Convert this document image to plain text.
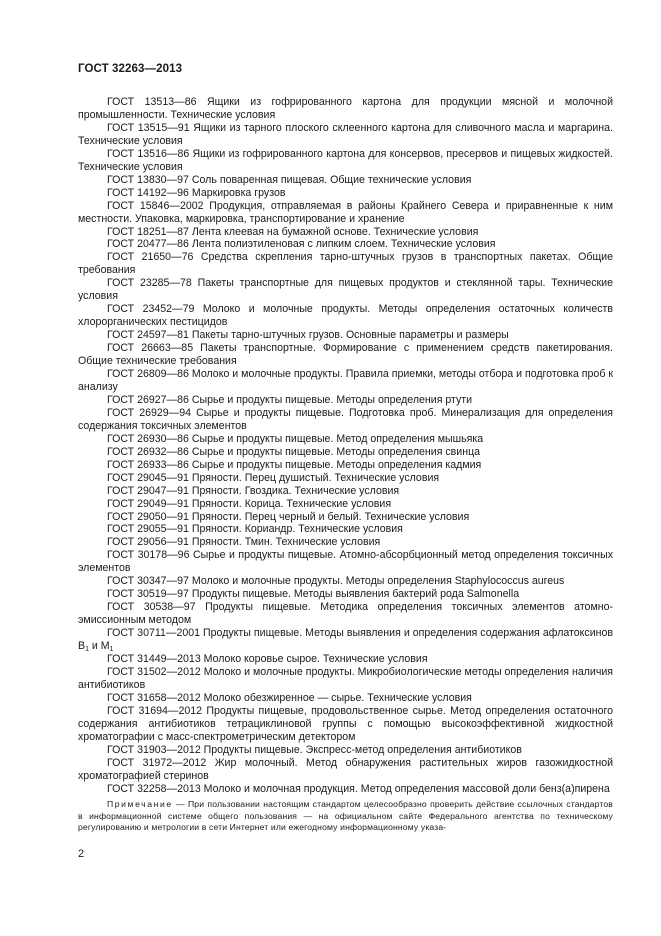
ГОСТ 32263—2013

ГОСТ 13513—86 Ящики из гофрированного картона для продукции мясной и молочной промышленности. Технические условия

ГОСТ 13515—91 Ящики из тарного плоского склеенного картона для сливочного масла и маргарина. Технические условия

ГОСТ 13516—86 Ящики из гофрированного картона для консервов, пресервов и пищевых жидкостей. Технические условия

ГОСТ 13830—97 Соль поваренная пищевая. Общие технические условия

ГОСТ 14192—96 Маркировка грузов

ГОСТ 15846—2002 Продукция, отправляемая в районы Крайнего Севера и приравненные к ним местности. Упаковка, маркировка, транспортирование и хранение

ГОСТ 18251—87 Лента клеевая на бумажной основе. Технические условия

ГОСТ 20477—86 Лента полиэтиленовая с липким слоем. Технические условия

ГОСТ 21650—76 Средства скрепления тарно-штучных грузов в транспортных пакетах. Общие требования

ГОСТ 23285—78 Пакеты транспортные для пищевых продуктов и стеклянной тары. Технические условия

ГОСТ 23452—79 Молоко и молочные продукты. Методы определения остаточных количеств хлорорганических пестицидов

ГОСТ 24597—81 Пакеты тарно-штучных грузов. Основные параметры и размеры

ГОСТ 26663—85 Пакеты транспортные. Формирование с применением средств пакетирования. Общие технические требования

ГОСТ 26809—86 Молоко и молочные продукты. Правила приемки, методы отбора и подготовка проб к анализу

ГОСТ 26927—86 Сырье и продукты пищевые. Методы определения ртути

ГОСТ 26929—94 Сырье и продукты пищевые. Подготовка проб. Минерализация для определения содержания токсичных элементов

ГОСТ 26930—86 Сырье и продукты пищевые. Метод определения мышьяка

ГОСТ 26932—86 Сырье и продукты пищевые. Методы определения свинца

ГОСТ 26933—86 Сырье и продукты пищевые. Методы определения кадмия

ГОСТ 29045—91 Пряности. Перец душистый. Технические условия

ГОСТ 29047—91 Пряности. Гвоздика. Технические условия

ГОСТ 29049—91 Пряности. Корица. Технические условия

ГОСТ 29050—91 Пряности. Перец черный и белый. Технические условия

ГОСТ 29055—91 Пряности. Кориандр. Технические условия

ГОСТ 29056—91 Пряности. Тмин. Технические условия

ГОСТ 30178—96 Сырье и продукты пищевые. Атомно-абсорбционный метод определения токсичных элементов

ГОСТ 30347—97 Молоко и молочные продукты. Методы определения Staphylococcus aureus

ГОСТ 30519—97 Продукты пищевые. Методы выявления бактерий рода Salmonella

ГОСТ 30538—97 Продукты пищевые. Методика определения токсичных элементов атомно-эмиссионным методом

ГОСТ 30711—2001 Продукты пищевые. Методы выявления и определения содержания афлатоксинов $B_1$ и $M_1$

ГОСТ 31449—2013 Молоко коровье сырое. Технические условия

ГОСТ 31502—2012 Молоко и молочные продукты. Микробиологические методы определения наличия антибиотиков

ГОСТ 31658—2012 Молоко обезжиренное — сырье. Технические условия

ГОСТ 31694—2012 Продукты пищевые, продовольственное сырье. Метод определения остаточного содержания антибиотиков тетрациклиновой группы с помощью высокоэффективной жидкостной хроматографии с масс-спектрометрическим детектором

ГОСТ 31903—2012 Продукты пищевые. Экспресс-метод определения антибиотиков

ГОСТ 31972—2012 Жир молочный. Метод обнаружения растительных жиров газожидкостной хроматографией стеринов

ГОСТ 32258—2013 Молоко и молочная продукция. Метод определения массовой доли бенз(а)пирена

Примечание — При пользовании настоящим стандартом целесообразно проверить действие ссылочных стандартов в информационной системе общего пользования — на официальном сайте Федерального агентства по техническому регулированию и метрологии в сети Интернет или ежегодному информационному указа-

2
